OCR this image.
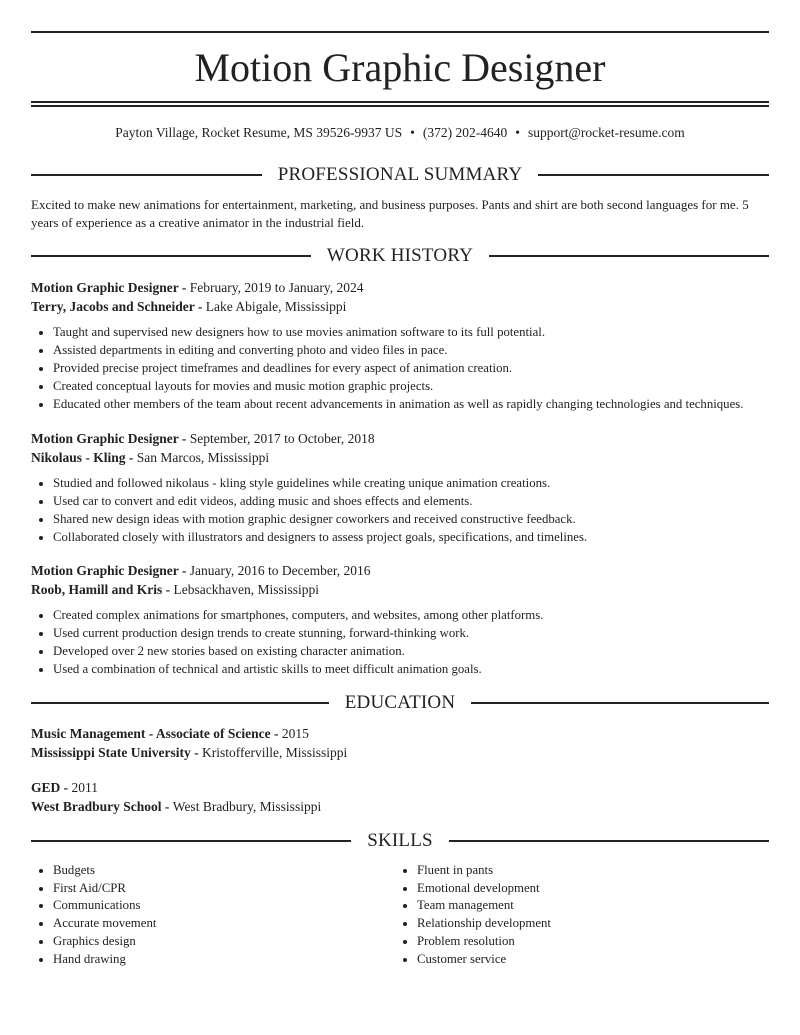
Motion Graphic Designer
Payton Village, Rocket Resume, MS 39526-9937 US • (372) 202-4640 • support@rocket-resume.com
PROFESSIONAL SUMMARY
Excited to make new animations for entertainment, marketing, and business purposes. Pants and shirt are both second languages for me. 5 years of experience as a creative animator in the industrial field.
WORK HISTORY
Motion Graphic Designer - February, 2019 to January, 2024
Terry, Jacobs and Schneider - Lake Abigale, Mississippi
• Taught and supervised new designers how to use movies animation software to its full potential.
• Assisted departments in editing and converting photo and video files in pace.
• Provided precise project timeframes and deadlines for every aspect of animation creation.
• Created conceptual layouts for movies and music motion graphic projects.
• Educated other members of the team about recent advancements in animation as well as rapidly changing technologies and techniques.
Motion Graphic Designer - September, 2017 to October, 2018
Nikolaus - Kling - San Marcos, Mississippi
• Studied and followed nikolaus - kling style guidelines while creating unique animation creations.
• Used car to convert and edit videos, adding music and shoes effects and elements.
• Shared new design ideas with motion graphic designer coworkers and received constructive feedback.
• Collaborated closely with illustrators and designers to assess project goals, specifications, and timelines.
Motion Graphic Designer - January, 2016 to December, 2016
Roob, Hamill and Kris - Lebsackhaven, Mississippi
• Created complex animations for smartphones, computers, and websites, among other platforms.
• Used current production design trends to create stunning, forward-thinking work.
• Developed over 2 new stories based on existing character animation.
• Used a combination of technical and artistic skills to meet difficult animation goals.
EDUCATION
Music Management - Associate of Science - 2015
Mississippi State University - Kristofferville, Mississippi
GED - 2011
West Bradbury School - West Bradbury, Mississippi
SKILLS
• Budgets
• First Aid/CPR
• Communications
• Accurate movement
• Graphics design
• Hand drawing
• Fluent in pants
• Emotional development
• Team management
• Relationship development
• Problem resolution
• Customer service
